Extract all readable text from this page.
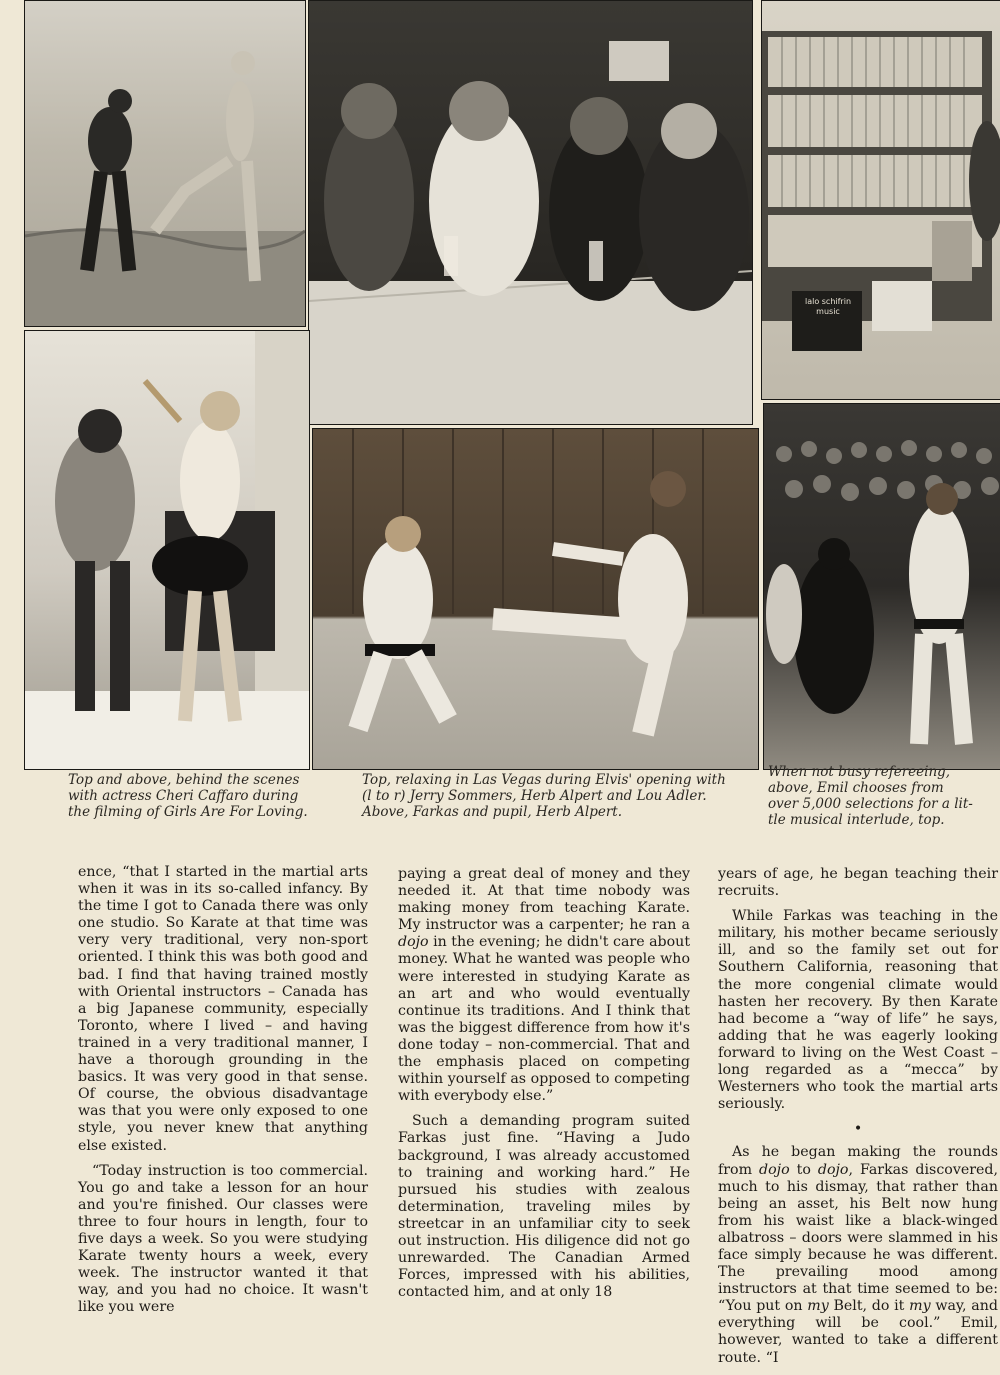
lalo schifrin
music
Top and above, behind the scenes
with actress Cheri Caffaro during
the filming of Girls Are For Loving.
Top, relaxing in Las Vegas during Elvis' opening with
(l to r) Jerry Sommers, Herb Alpert and Lou Adler.
Above, Farkas and pupil, Herb Alpert.
When not busy refereeing,
above, Emil chooses from
over 5,000 selections for a lit-
tle musical interlude, top.

ence, “that I started in the martial arts when it was in its so-called infancy. By the time I got to Canada there was only one studio. So Karate at that time was very very traditional, very non-sport oriented. I think this was both good and bad. I find that having trained mostly with Oriental instructors – Canada has a big Japanese community, especially Toronto, where I lived – and having trained in a very traditional manner, I have a thorough grounding in the basics. It was very good in that sense. Of course, the obvious disadvantage was that you were only exposed to one style, you never knew that anything else existed.

“Today instruction is too commercial. You go and take a lesson for an hour and you're finished. Our classes were three to four hours in length, four to five days a week. So you were studying Karate twenty hours a week, every week. The instructor wanted it that way, and you had no choice. It wasn't like you were

paying a great deal of money and they needed it. At that time nobody was making money from teaching Karate. My instructor was a carpenter; he ran a dojo in the evening; he didn't care about money. What he wanted was people who were interested in studying Karate as an art and who would eventually continue its traditions. And I think that was the biggest difference from how it's done today – non-commercial. That and the emphasis placed on competing within yourself as opposed to competing with everybody else.”

Such a demanding program suited Farkas just fine. “Having a Judo background, I was already accustomed to training and working hard.” He pursued his studies with zealous determination, traveling miles by streetcar in an unfamiliar city to seek out instruction. His diligence did not go unrewarded. The Canadian Armed Forces, impressed with his abilities, contacted him, and at only 18

years of age, he began teaching their recruits.

While Farkas was teaching in the military, his mother became seriously ill, and so the family set out for Southern California, reasoning that the more congenial climate would hasten her recovery. By then Karate had become a “way of life” he says, adding that he was eagerly looking forward to living on the West Coast – long regarded as a “mecca” by Westerners who took the martial arts seriously.

•

As he began making the rounds from dojo to dojo, Farkas discovered, much to his dismay, that rather than being an asset, his Belt now hung from his waist like a black-winged albatross – doors were slammed in his face simply because he was different. The prevailing mood among instructors at that time seemed to be: “You put on my Belt, do it my way, and everything will be cool.” Emil, however, wanted to take a different route. “I
